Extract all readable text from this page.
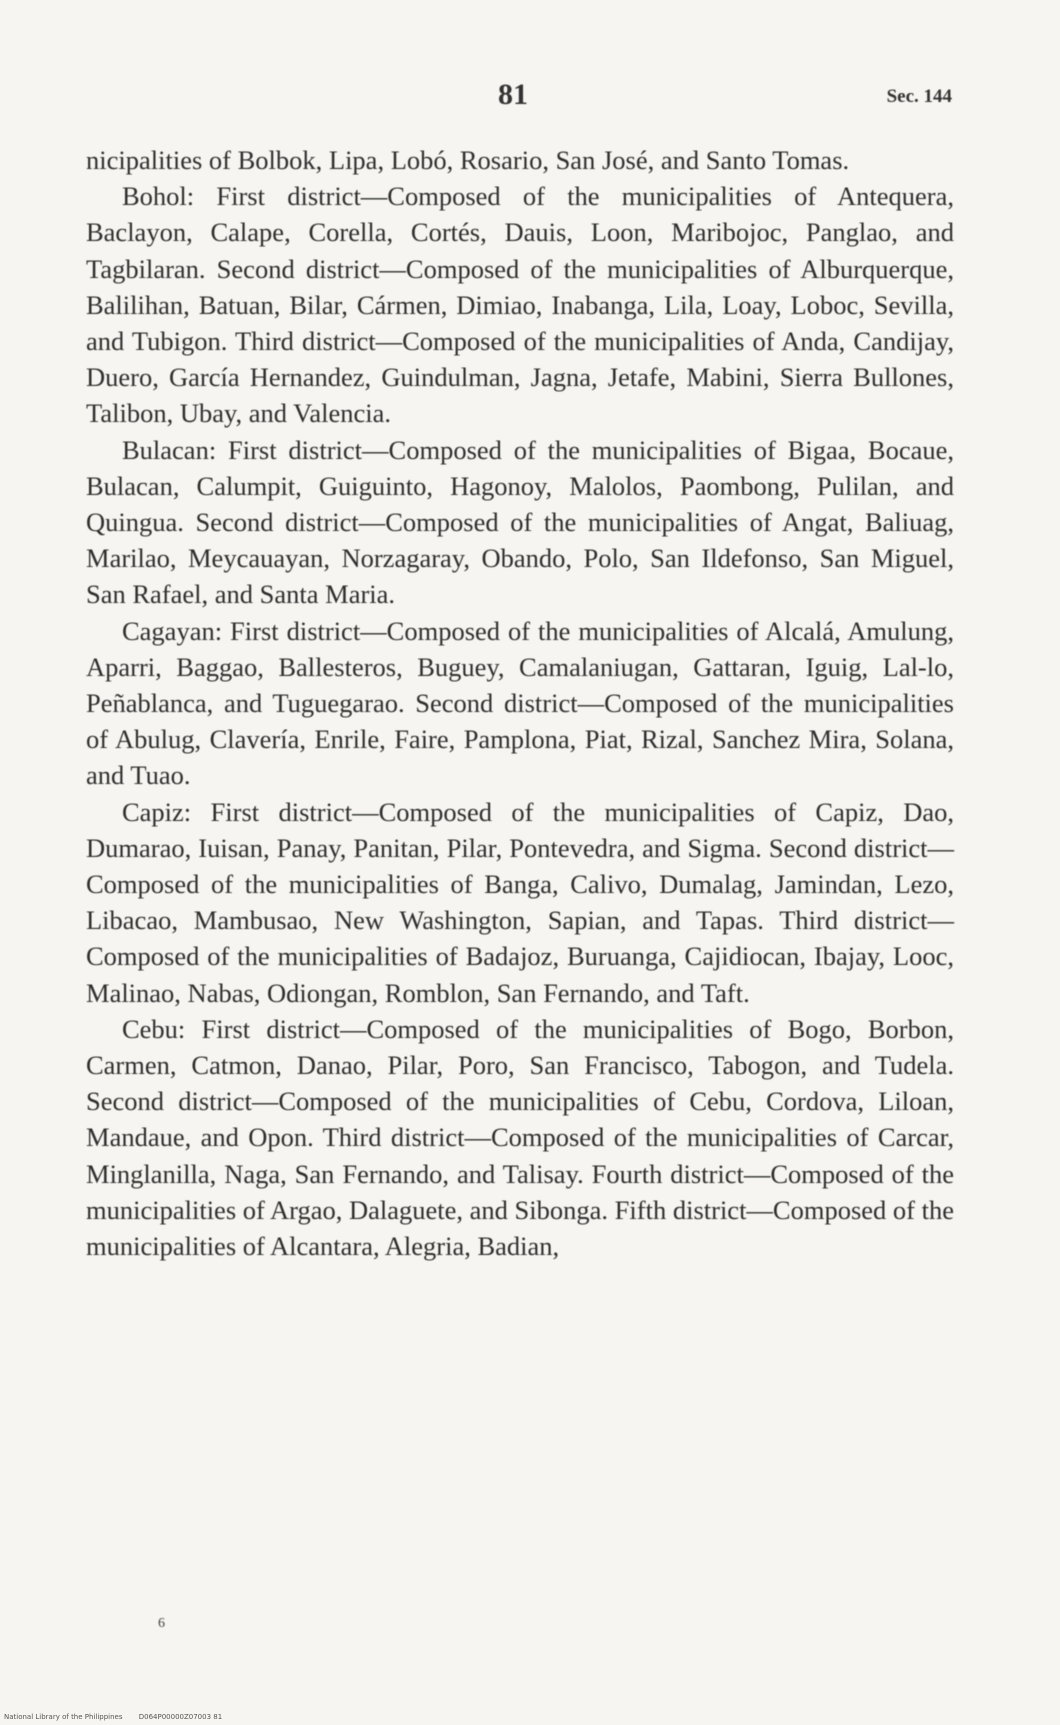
81	Sec. 144

nicipalities of Bolbok, Lipa, Lobó, Rosario, San José, and Santo Tomas.

Bohol: First district—Composed of the municipalities of Antequera, Baclayon, Calape, Corella, Cortés, Dauis, Loon, Maribojoc, Panglao, and Tagbilaran. Second district—Composed of the municipalities of Alburquerque, Balilihan, Batuan, Bilar, Cármen, Dimiao, Inabanga, Lila, Loay, Loboc, Sevilla, and Tubigon. Third district—Composed of the municipalities of Anda, Candijay, Duero, García Hernandez, Guindulman, Jagna, Jetafe, Mabini, Sierra Bullones, Talibon, Ubay, and Valencia.

Bulacan: First district—Composed of the municipalities of Bigaa, Bocaue, Bulacan, Calumpit, Guiguinto, Hagonoy, Malolos, Paombong, Pulilan, and Quingua. Second district—Composed of the municipalities of Angat, Baliuag, Marilao, Meycauayan, Norzagaray, Obando, Polo, San Ildefonso, San Miguel, San Rafael, and Santa Maria.

Cagayan: First district—Composed of the municipalities of Alcalá, Amulung, Aparri, Baggao, Ballesteros, Buguey, Camalaniugan, Gattaran, Iguig, Lal-lo, Peñablanca, and Tuguegarao. Second district—Composed of the municipalities of Abulug, Clavería, Enrile, Faire, Pamplona, Piat, Rizal, Sanchez Mira, Solana, and Tuao.

Capiz: First district—Composed of the municipalities of Capiz, Dao, Dumarao, Iuisan, Panay, Panitan, Pilar, Pontevedra, and Sigma. Second district—Composed of the municipalities of Banga, Calivo, Dumalag, Jamindan, Lezo, Libacao, Mambusao, New Washington, Sapian, and Tapas. Third district—Composed of the municipalities of Badajoz, Buruanga, Cajidiocan, Ibajay, Looc, Malinao, Nabas, Odiongan, Romblon, San Fernando, and Taft.

Cebu: First district—Composed of the municipalities of Bogo, Borbon, Carmen, Catmon, Danao, Pilar, Poro, San Francisco, Tabogon, and Tudela. Second district—Composed of the municipalities of Cebu, Cordova, Liloan, Mandaue, and Opon. Third district—Composed of the municipalities of Carcar, Minglanilla, Naga, San Fernando, and Talisay. Fourth district—Composed of the municipalities of Argao, Dalaguete, and Sibonga. Fifth district—Composed of the municipalities of Alcantara, Alegria, Badian,

6
National Library of the Philippines D064P00000Z07003 81
